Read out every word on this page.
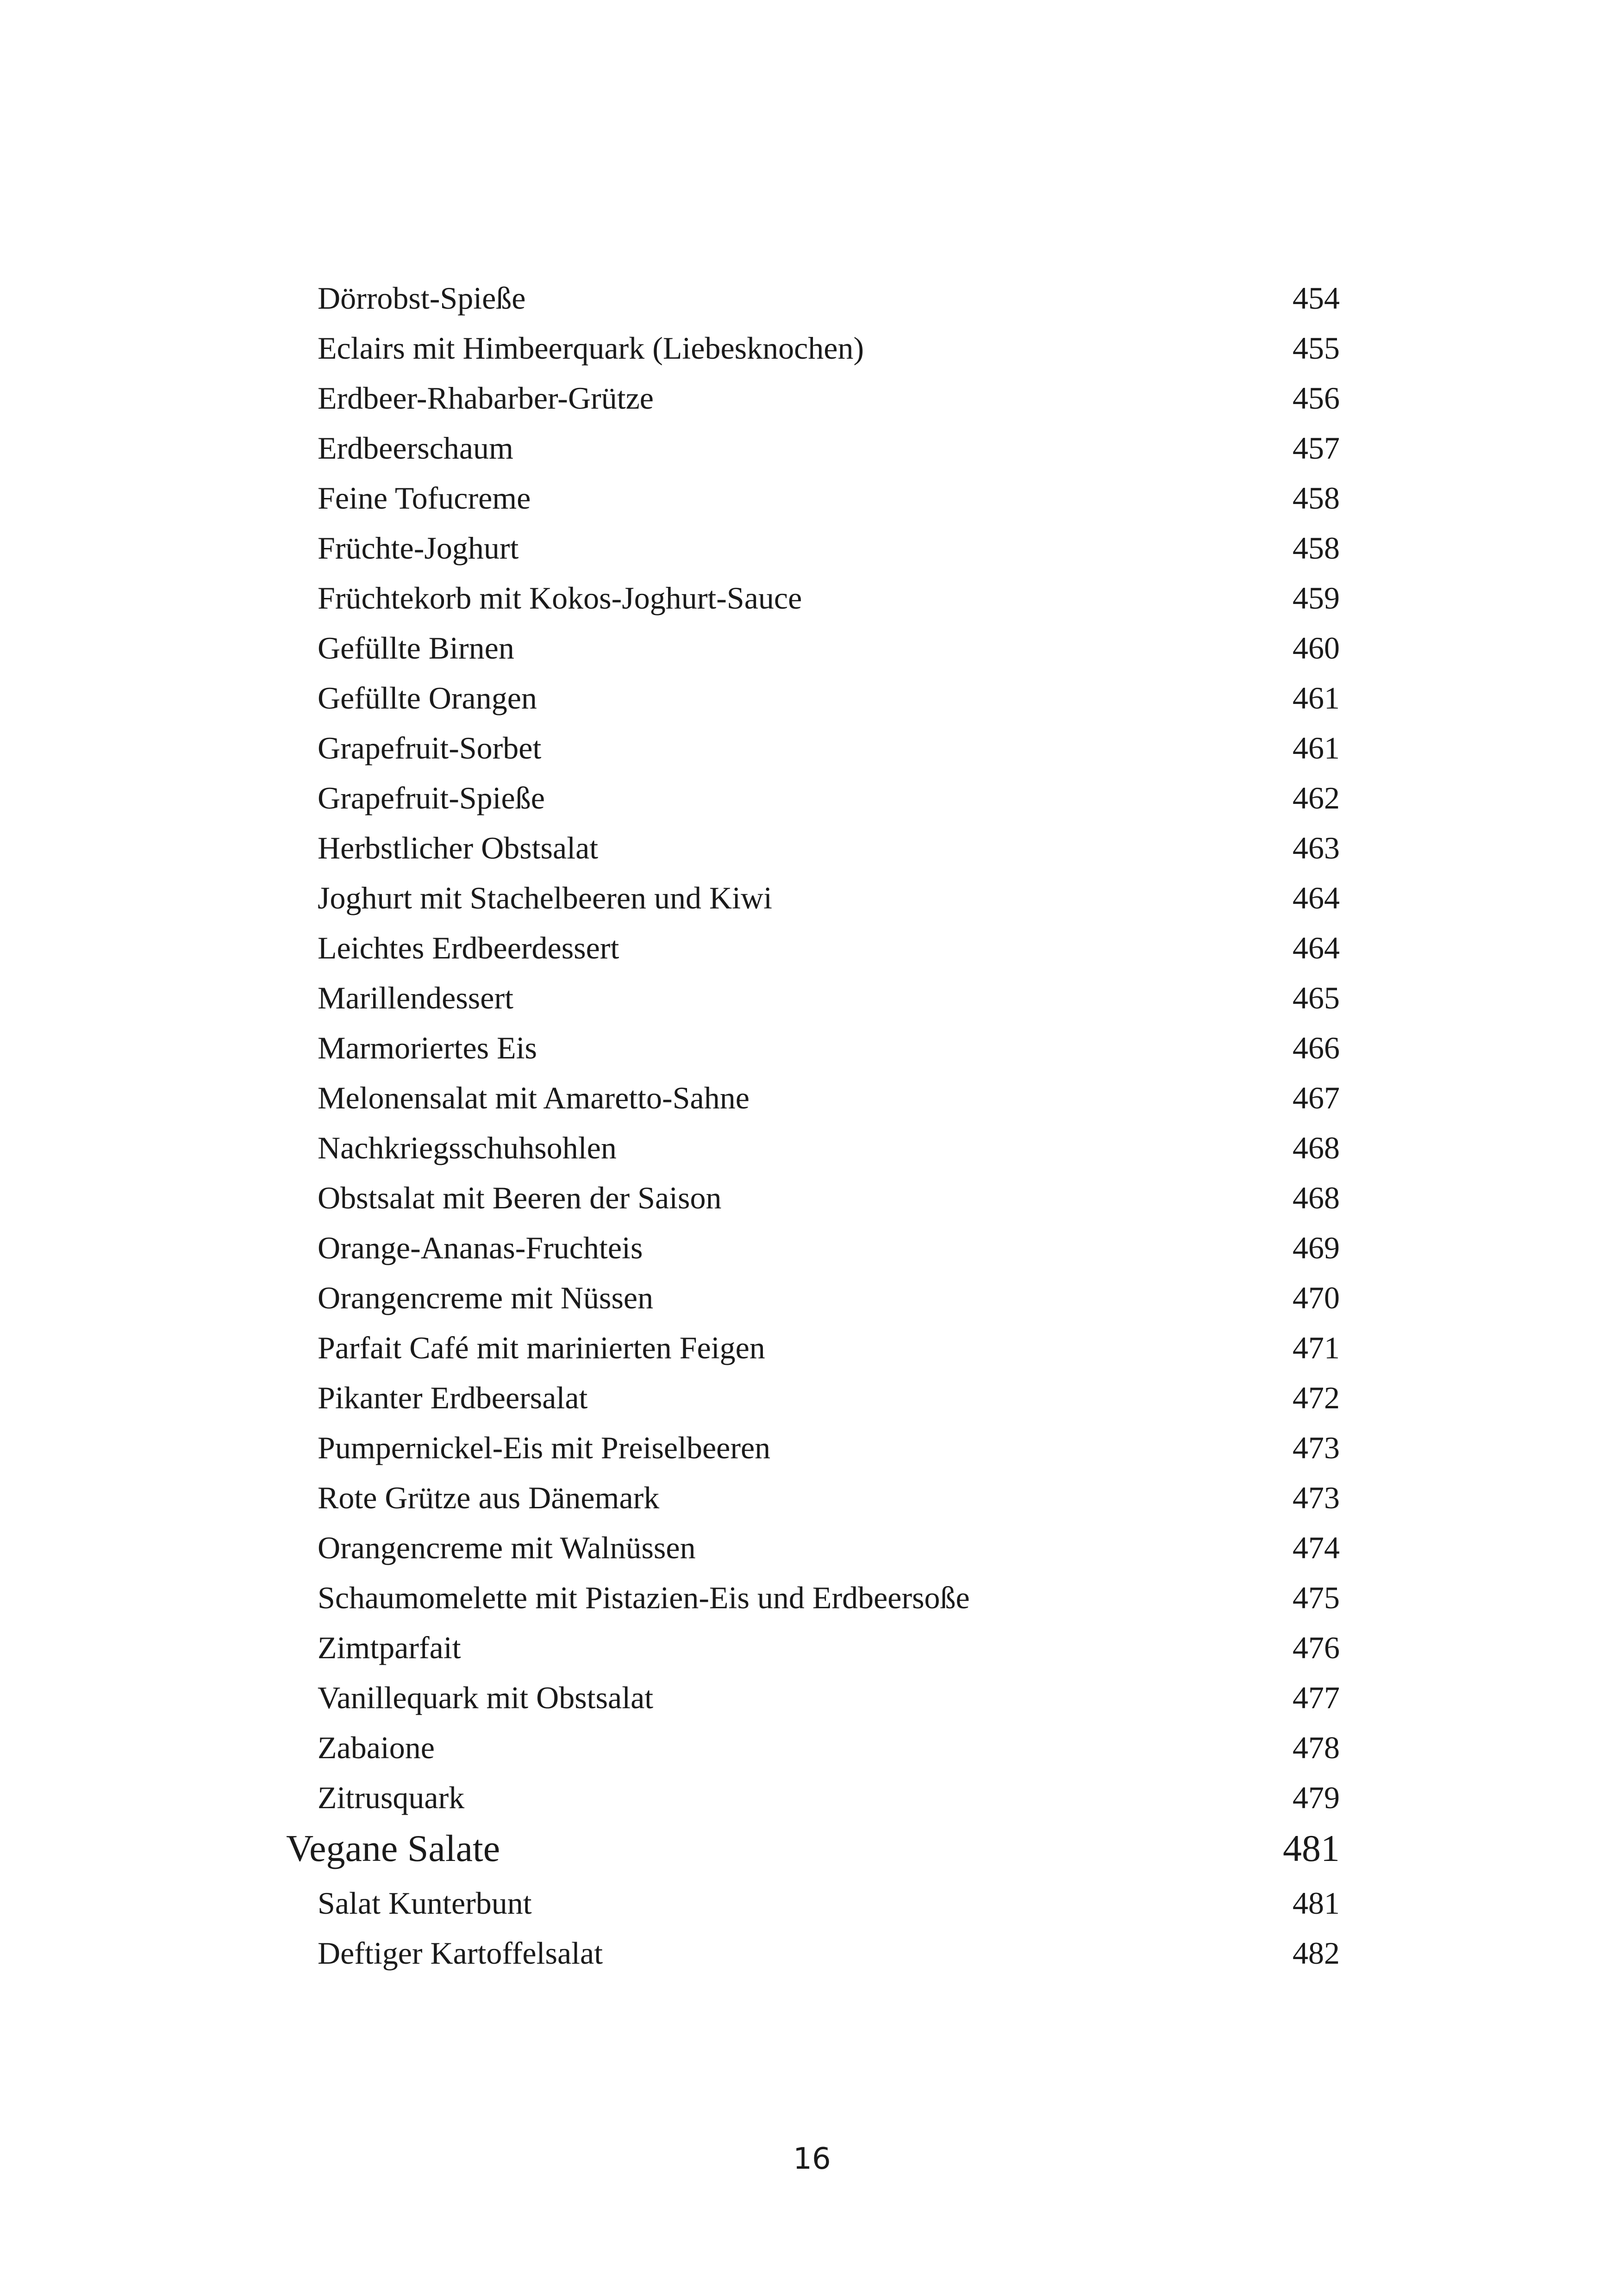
Dörrobst-Spieße	454
Eclairs mit Himbeerquark (Liebesknochen)	455
Erdbeer-Rhabarber-Grütze	456
Erdbeerschaum	457
Feine Tofucreme	458
Früchte-Joghurt	458
Früchtekorb mit Kokos-Joghurt-Sauce	459
Gefüllte Birnen	460
Gefüllte Orangen	461
Grapefruit-Sorbet	461
Grapefruit-Spieße	462
Herbstlicher Obstsalat	463
Joghurt mit Stachelbeeren und Kiwi	464
Leichtes Erdbeerdessert	464
Marillendessert	465
Marmoriertes Eis	466
Melonensalat mit Amaretto-Sahne	467
Nachkriegsschuhsohlen	468
Obstsalat mit Beeren der Saison	468
Orange-Ananas-Fruchteis	469
Orangencreme mit Nüssen	470
Parfait Café mit marinierten Feigen	471
Pikanter Erdbeersalat	472
Pumpernickel-Eis mit Preiselbeeren	473
Rote Grütze aus Dänemark	473
Orangencreme mit Walnüssen	474
Schaumomelette mit Pistazien-Eis und Erdbeersoße	475
Zimtparfait	476
Vanillequark mit Obstsalat	477
Zabaione	478
Zitrusquark	479
Vegane Salate	481
Salat Kunterbunt	481
Deftiger Kartoffelsalat	482
16
